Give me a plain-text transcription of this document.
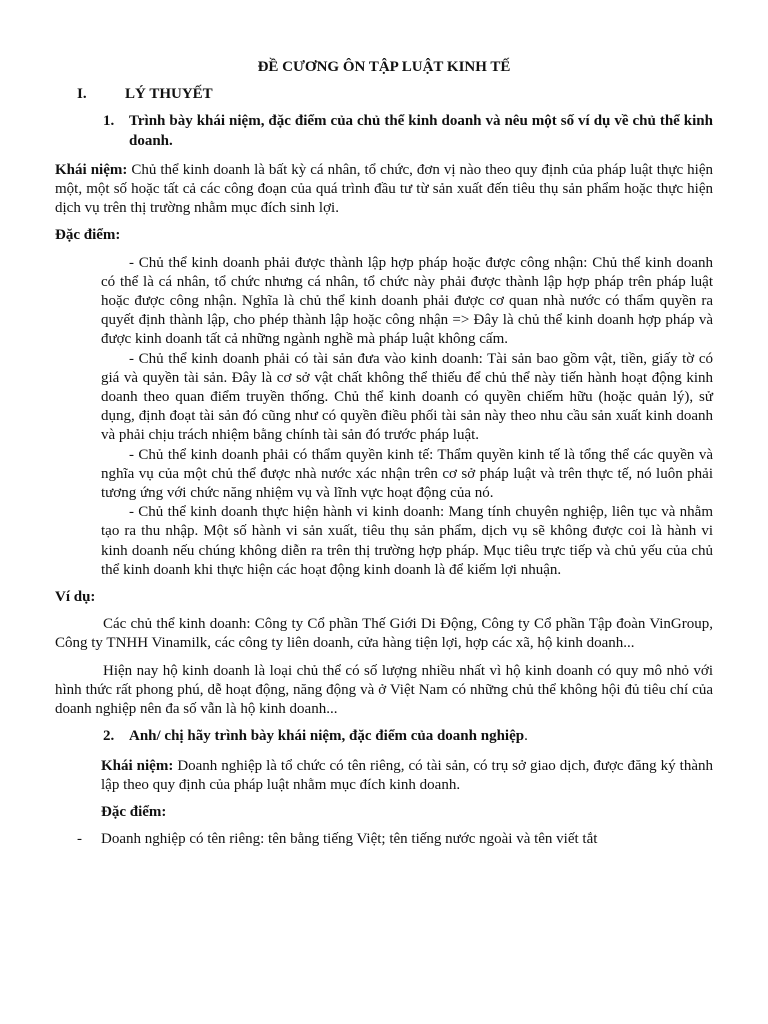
ĐỀ CƯƠNG ÔN TẬP LUẬT KINH TẾ
I.	LÝ THUYẾT
1. Trình bày khái niệm, đặc điểm của chủ thể kinh doanh và nêu một số ví dụ về chủ thể kinh doanh.

Khái niệm: Chủ thể kinh doanh là bất kỳ cá nhân, tổ chức, đơn vị nào theo quy định của pháp luật thực hiện một, một số hoặc tất cả các công đoạn của quá trình đầu tư từ sản xuất đến tiêu thụ sản phẩm hoặc thực hiện dịch vụ trên thị trường nhằm mục đích sinh lợi.

Đặc điểm:

- Chủ thể kinh doanh phải được thành lập hợp pháp hoặc được công nhận: Chủ thể kinh doanh có thể là cá nhân, tổ chức nhưng cá nhân, tổ chức này phải được thành lập hợp pháp trên pháp luật hoặc được công nhận. Nghĩa là chủ thể kinh doanh phải được cơ quan nhà nước có thẩm quyền ra quyết định thành lập, cho phép thành lập hoặc công nhận => Đây là chủ thể kinh doanh hợp pháp và được kinh doanh tất cả những ngành nghề mà pháp luật không cấm.

- Chủ thể kinh doanh phải có tài sản đưa vào kinh doanh: Tài sản bao gồm vật, tiền, giấy tờ có giá và quyền tài sản. Đây là cơ sở vật chất không thể thiếu để chủ thể này tiến hành hoạt động kinh doanh theo quan điểm truyền thống. Chủ thể kinh doanh có quyền chiếm hữu (hoặc quản lý), sử dụng, định đoạt tài sản đó cũng như có quyền điều phối tài sản này theo nhu cầu sản xuất kinh doanh và phải chịu trách nhiệm bằng chính tài sản đó trước pháp luật.

- Chủ thể kinh doanh phải có thẩm quyền kinh tế: Thẩm quyền kinh tế là tổng thể các quyền và nghĩa vụ của một chủ thể được nhà nước xác nhận trên cơ sở pháp luật và trên thực tế, nó luôn phải tương ứng với chức năng nhiệm vụ và lĩnh vực hoạt động của nó.

- Chủ thể kinh doanh thực hiện hành vi kinh doanh: Mang tính chuyên nghiệp, liên tục và nhằm tạo ra thu nhập. Một số hành vi sản xuất, tiêu thụ sản phẩm, dịch vụ sẽ không được coi là hành vi kinh doanh nếu chúng không diễn ra trên thị trường hợp pháp. Mục tiêu trực tiếp và chủ yếu của chủ thể kinh doanh khi thực hiện các hoạt động kinh doanh là để kiếm lợi nhuận.

Ví dụ:

Các chủ thể kinh doanh: Công ty Cổ phần Thế Giới Di Động, Công ty Cổ phần Tập đoàn VinGroup, Công ty TNHH Vinamilk, các công ty liên doanh, cửa hàng tiện lợi, hợp các xã, hộ kinh doanh...

Hiện nay hộ kinh doanh là loại chủ thể có số lượng nhiều nhất vì hộ kinh doanh có quy mô nhỏ với hình thức rất phong phú, dễ hoạt động, năng động và ở Việt Nam có những chủ thể không hội đủ tiêu chí của doanh nghiệp nên đa số vẫn là hộ kinh doanh...

2. Anh/ chị hãy trình bày khái niệm, đặc điểm của doanh nghiệp.

Khái niệm: Doanh nghiệp là tổ chức có tên riêng, có tài sản, có trụ sở giao dịch, được đăng ký thành lập theo quy định của pháp luật nhằm mục đích kinh doanh.

Đặc điểm:

-	Doanh nghiệp có tên riêng: tên bằng tiếng Việt; tên tiếng nước ngoài và tên viết tắt
